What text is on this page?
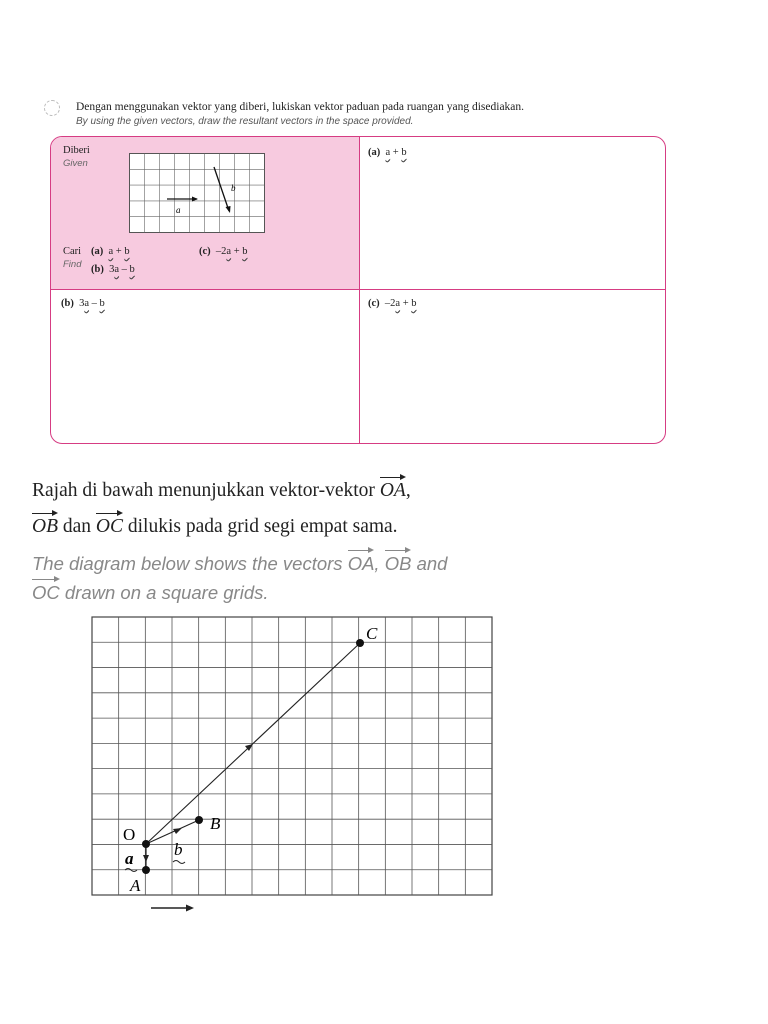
Dengan menggunakan vektor yang diberi, lukiskan vektor paduan pada ruangan yang disediakan.
By using the given vectors, draw the resultant vectors in the space provided.
Diberi
Given
a
b
Cari
Find
(a) a + b
(b) 3a – b
(c) –2a + b
(a) a + b
(b) 3a – b	(c) –2a + b
Rajah di bawah menunjukkan vektor-vektor OA,
OB dan OC dilukis pada grid segi empat sama.
The diagram below shows the vectors OA, OB and
OC drawn on a square grids.
O
A
B
C
a b
